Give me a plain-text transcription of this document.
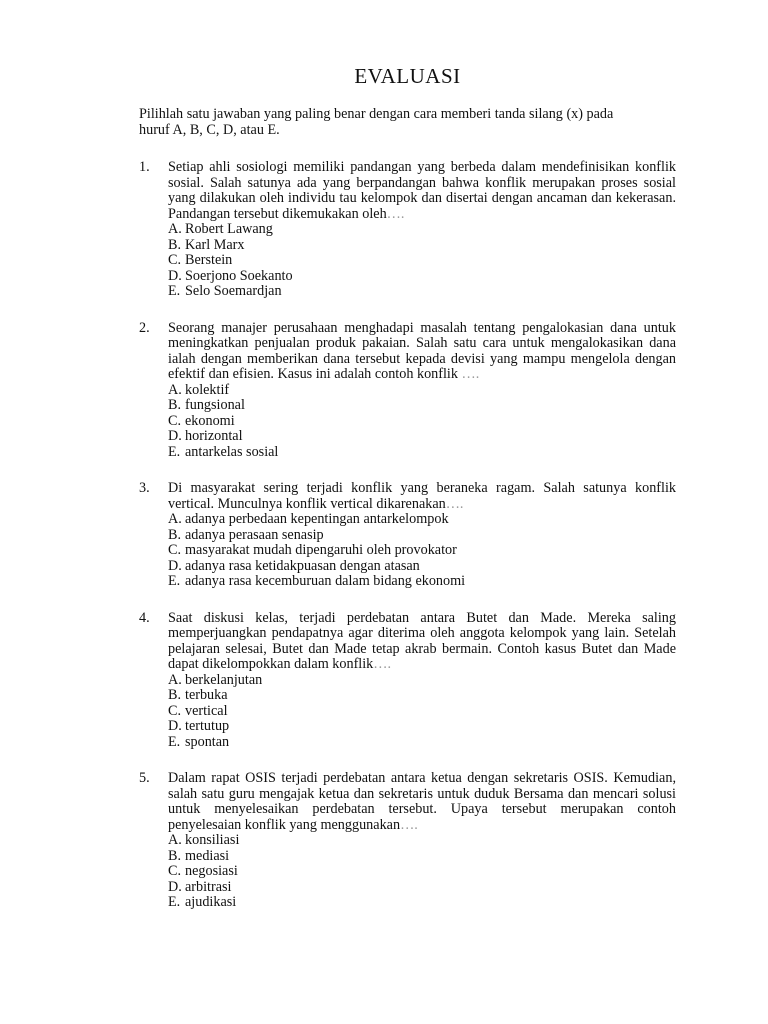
EVALUASI

Pilihlah satu jawaban yang paling benar dengan cara memberi tanda silang (x) pada huruf A, B, C, D, atau E.

1.	Setiap ahli sosiologi memiliki pandangan yang berbeda dalam mendefinisikan konflik sosial. Salah satunya ada yang berpandangan bahwa konflik merupakan proses sosial yang dilakukan oleh individu tau kelompok dan disertai dengan ancaman dan kekerasan. Pandangan tersebut dikemukakan oleh….

A. Robert Lawang
B. Karl Marx
C. Berstein
D. Soerjono Soekanto
E. Selo Soemardjan
2.	Seorang manajer perusahaan menghadapi masalah tentang pengalokasian dana untuk meningkatkan penjualan produk pakaian. Salah satu cara untuk mengalokasikan dana ialah dengan memberikan dana tersebut kepada devisi yang mampu mengelola dengan efektif dan efisien. Kasus ini adalah contoh konflik ….

A. kolektif
B. fungsional
C. ekonomi
D. horizontal
E. antarkelas sosial
3.	Di masyarakat sering terjadi konflik yang beraneka ragam. Salah satunya konflik vertical. Munculnya konflik vertical dikarenakan….

A. adanya perbedaan kepentingan antarkelompok
B. adanya perasaan senasip
C. masyarakat mudah dipengaruhi oleh provokator
D. adanya rasa ketidakpuasan dengan atasan
E. adanya rasa kecemburuan dalam bidang ekonomi
4.	Saat diskusi kelas, terjadi perdebatan antara Butet dan Made. Mereka saling memperjuangkan pendapatnya agar diterima oleh anggota kelompok yang lain. Setelah pelajaran selesai, Butet dan Made tetap akrab bermain. Contoh kasus Butet dan Made dapat dikelompokkan dalam konflik….

A. berkelanjutan
B. terbuka
C. vertical
D. tertutup
E. spontan
5.	Dalam rapat OSIS terjadi perdebatan antara ketua dengan sekretaris OSIS. Kemudian, salah satu guru mengajak ketua dan sekretaris untuk duduk Bersama dan mencari solusi untuk menyelesaikan perdebatan tersebut. Upaya tersebut merupakan contoh penyelesaian konflik yang menggunakan….

A. konsiliasi
B. mediasi
C. negosiasi
D. arbitrasi
E. ajudikasi
